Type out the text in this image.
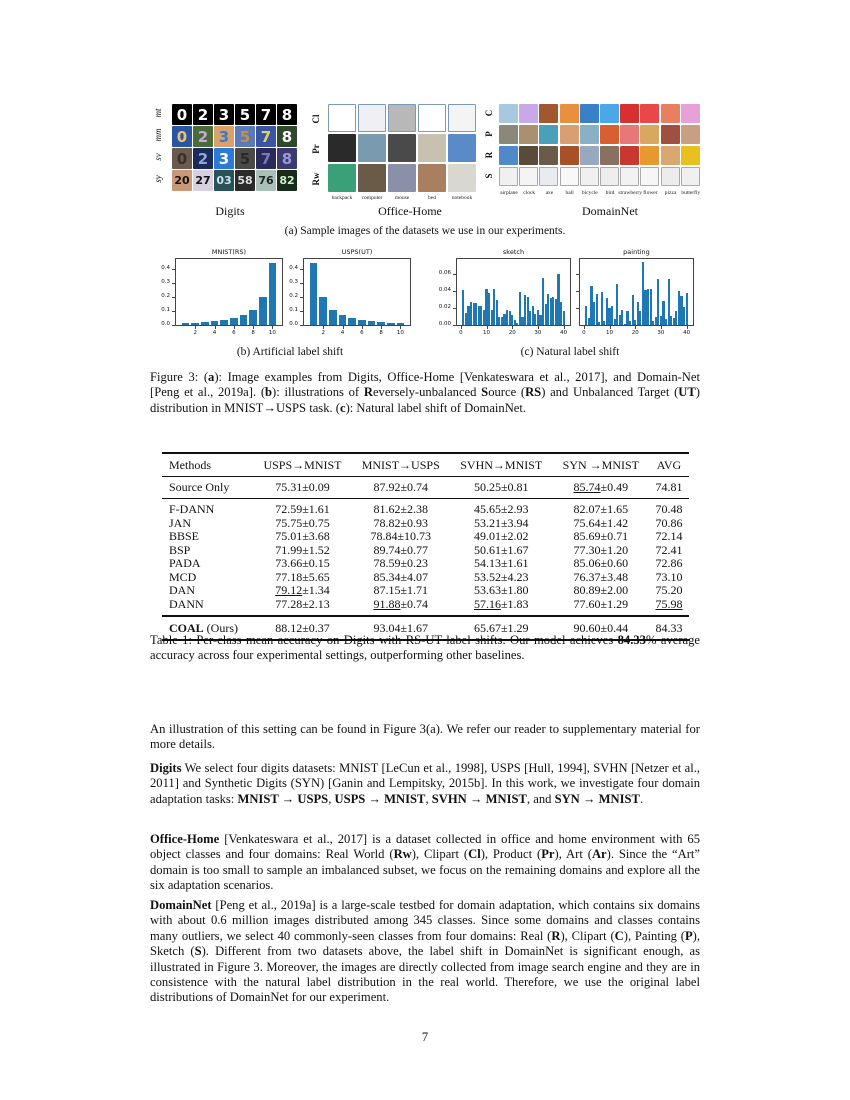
mt 0 2 3 5 7 8
mm 0 2 3 5 7 8
sv 0 2 3 5 7 8
sy 20 27 03 58 76 82
Cl
Pr
Rw
backpack	computer	mouse	bed	notebook
C
P
R
S
airplane clock	axe	ball	bicycle	bird strawberry flower	pizza butterfly
Digits	Office-Home	DomainNet
(a) Sample images of the datasets we use in our experiments.
MNIST(RS)
0.0
0.1
0.2
0.3
0.4
2	4	6	8	10
USPS(UT)
0.0
0.1
0.2
0.3
0.4
2	4	6	8	10
(b) Artificial label shift
sketch
0.00
0.02
0.04
0.06
0	10	20	30	40
painting
0	10	20	30	40
(c) Natural label shift
Figure 3: (a): Image examples from Digits, Office-Home [Venkateswara et al., 2017], and Domain-Net [Peng et al., 2019a]. (b): illustrations of Reversely-unbalanced Source (RS) and Unbalanced Target (UT) distribution in MNIST→USPS task. (c): Natural label shift of DomainNet.
Methods	USPS→MNIST	MNIST→USPS	SVHN→MNIST	SYN →MNIST	AVG
Source Only	75.31±0.09	87.92±0.74	50.25±0.81	85.74±0.49	74.81
F-DANN	72.59±1.61	81.62±2.38	45.65±2.93	82.07±1.65	70.48
JAN	75.75±0.75	78.82±0.93	53.21±3.94	75.64±1.42	70.86
BBSE	75.01±3.68	78.84±10.73	49.01±2.02	85.69±0.71	72.14
BSP	71.99±1.52	89.74±0.77	50.61±1.67	77.30±1.20	72.41
PADA	73.66±0.15	78.59±0.23	54.13±1.61	85.06±0.60	72.86
MCD	77.18±5.65	85.34±4.07	53.52±4.23	76.37±3.48	73.10
DAN	79.12±1.34	87.15±1.71	53.63±1.80	80.89±2.00	75.20
DANN	77.28±2.13	91.88±0.74	57.16±1.83	77.60±1.29	75.98
COAL (Ours)	88.12±0.37	93.04±1.67	65.67±1.29	90.60±0.44	84.33
Table 1: Per-class mean accuracy on Digits with RS-UT label shifts. Our model achieves 84.33% average accuracy across four experimental settings, outperforming other baselines.
An illustration of this setting can be found in Figure 3(a). We refer our reader to supplementary material for more details.
Digits We select four digits datasets: MNIST [LeCun et al., 1998], USPS [Hull, 1994], SVHN [Netzer et al., 2011] and Synthetic Digits (SYN) [Ganin and Lempitsky, 2015b]. In this work, we investigate four domain adaptation tasks: MNIST → USPS, USPS → MNIST, SVHN → MNIST, and SYN → MNIST.
Office-Home [Venkateswara et al., 2017] is a dataset collected in office and home environment with 65 object classes and four domains: Real World (Rw), Clipart (Cl), Product (Pr), Art (Ar). Since the “Art” domain is too small to sample an imbalanced subset, we focus on the remaining domains and explore all the six adaptation scenarios.
DomainNet [Peng et al., 2019a] is a large-scale testbed for domain adaptation, which contains six domains with about 0.6 million images distributed among 345 classes. Since some domains and classes contains many outliers, we select 40 commonly-seen classes from four domains: Real (R), Clipart (C), Painting (P), Sketch (S). Different from two datasets above, the label shift in DomainNet is significant enough, as illustrated in Figure 3. Moreover, the images are directly collected from image search engine and they are in consistence with the natural label distribution in the real world. Therefore, we use the original label distributions of DomainNet for our experiment.
7
